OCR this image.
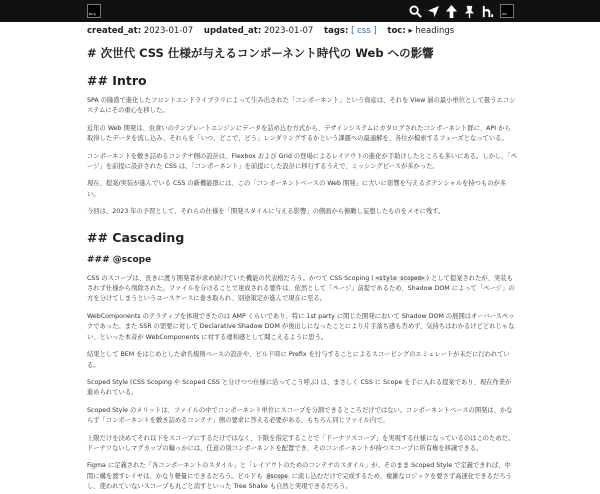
Blog	JSX
created_at: 2023-01-07 updated_at: 2023-01-07 tags: [ css ] toc: ▸ headings
# 次世代 CSS 仕様が与えるコンポーネント時代の Web への影響
## Intro

SPA の隆盛で進化したフロントエンドライブラリによって生み出された「コンポーネント」という資産は、それを View 層の最小単位として扱うエコシステムにその重心を移した。

近年の Web 開発は、虫食いのテンプレートエンジンにデータを詰め込む方式から、デザインシステムにカタログされたコンポーネント群に、API から取得したデータを流し込み、それらを「いつ、どこで、どう」レンダリングするかという課題への最適解を、各位が模索するフェーズとなっている。

コンポーネントを敷き詰めるコンテナ側の設計は、Flexbox および Grid の登場によるレイアウトの進化が手助けしたところも多いにある。しかし、「ページ」を前提に設計された CSS は、「コンポーネント」を前提にした設計に移行するうえで、ミッシングピースが多かった。

現在、提案/実装が進んでいる CSS の新機能群には、この「コンポーネントベースの Web 開発」に大いに影響を与えるポテンシャルを持つものが多い。

今回は、2023 年の予習として、それらの仕様を「開発スタイルに与える影響」の側面から俯瞰し妄想したものをメモに残す。

## Cascading
### @scope

CSS のスコープは、長きに渡り開発者が求め続けていた機能の代表格だろう。かつて CSS Scoping ( <style scoped> ) として提案されたが、実装もされず仕様から削除された。ファイルを分けることで達成される要件は、依然として「ページ」前提であるため、Shadow DOM によって「ページ」の方を分けてしまうというユースケースに巻き取られ、別途策定が進んで現在に至る。

WebComponents のテラティブを体現できたのは AMP くらいであり、特に 1st party に閉じた開発において Shadow DOM の展開はオーバースペックであった。また SSR の需要に対して Declarative Shadow DOM が後出しになったことにより片手落ち感も否めず、気持ちはわかるけどどれじゃない、といった本音が WebComponents に対する違和感として聞こえるように思う。

結果として BEM をはじめとした命名規則ベースの設計や、ビルド時に Prefix を付与することによるスコーピングのエミュレートが未だに行われている。

Scoped Style (CSS Scoping や Scoped CSS と分けつつ仕様に沿ってこう呼ぶ) は、まさしく CSS に Scope を手に入れる提案であり、現在作業が進められている。

Scoped Style のメリットは、ファイルの中でコンポーネント単位にスコープを分割できるところだけではない。コンポーネントベースの開発は、かならず「コンポーネントを敷き詰めるコンテナ」側の要求に答える必要がある、もちろん同じファイル内で。

上限だけを決めてそれ以下をスコープにするだけではなく、下限を指定することで「ドーナツスコープ」を実現する仕様になっているのはこのためだ。ドーナツないしマグカップの輪っかには、任意の別コンポーネントを配置でき、そのコンポーネントが持つスコープに所有権を移譲できる。

Figma に定義された「各コンポーネントのスタイル」と「レイアウトのためのコンテナのスタイル」が、そのまま Scoped Style で定義できれば、中間に構を渡すレイヤは、かなり軽量にできるだろう。ビルドも @scope に流し込むだけで完成するため、複雑なロジックを要さず高速化できるだろうし、使われていないスコープも丸ごと消すといった Tree Shake も自然と実現できるだろう。
